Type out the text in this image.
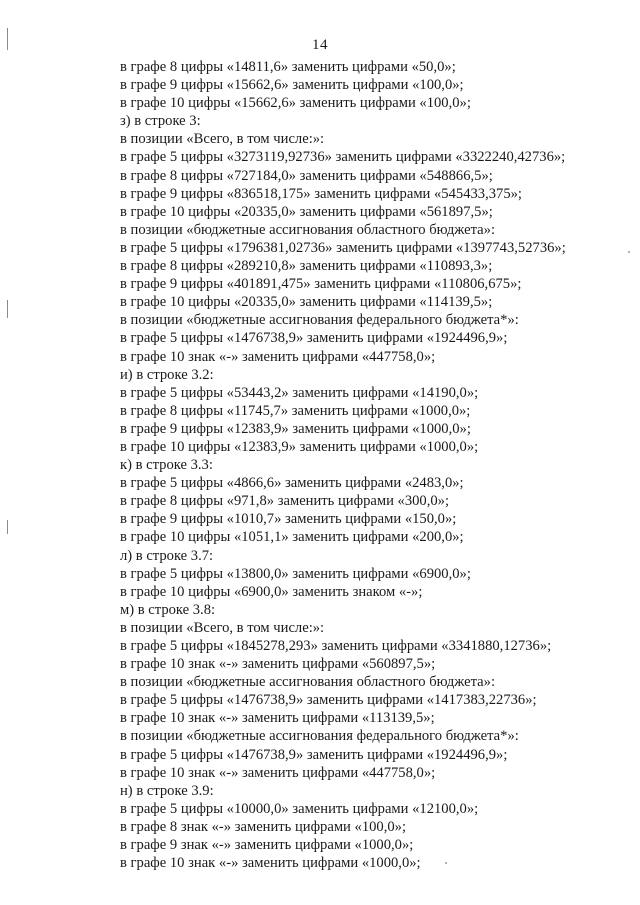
14
в графе 8 цифры «14811,6» заменить цифрами «50,0»;
в графе 9 цифры «15662,6» заменить цифрами «100,0»;
в графе 10 цифры «15662,6» заменить цифрами «100,0»;
з) в строке 3:
в позиции «Всего, в том числе:»:
в графе 5 цифры «3273119,92736» заменить цифрами «3322240,42736»;
в графе 8 цифры «727184,0» заменить цифрами «548866,5»;
в графе 9 цифры «836518,175» заменить цифрами «545433,375»;
в графе 10 цифры «20335,0» заменить цифрами «561897,5»;
в позиции «бюджетные ассигнования областного бюджета»:
в графе 5 цифры «1796381,02736» заменить цифрами «1397743,52736»;
в графе 8 цифры «289210,8» заменить цифрами «110893,3»;
в графе 9 цифры «401891,475» заменить цифрами «110806,675»;
в графе 10 цифры «20335,0» заменить цифрами «114139,5»;
в позиции «бюджетные ассигнования федерального бюджета*»:
в графе 5 цифры «1476738,9» заменить цифрами «1924496,9»;
в графе 10 знак «-» заменить цифрами «447758,0»;
и) в строке 3.2:
в графе 5 цифры «53443,2» заменить цифрами «14190,0»;
в графе 8 цифры «11745,7» заменить цифрами «1000,0»;
в графе 9 цифры «12383,9» заменить цифрами «1000,0»;
в графе 10 цифры «12383,9» заменить цифрами «1000,0»;
к) в строке 3.3:
в графе 5 цифры «4866,6» заменить цифрами «2483,0»;
в графе 8 цифры «971,8» заменить цифрами «300,0»;
в графе 9 цифры «1010,7» заменить цифрами «150,0»;
в графе 10 цифры «1051,1» заменить цифрами «200,0»;
л) в строке 3.7:
в графе 5 цифры «13800,0» заменить цифрами «6900,0»;
в графе 10 цифры «6900,0» заменить знаком «-»;
м) в строке 3.8:
в позиции «Всего, в том числе:»:
в графе 5 цифры «1845278,293» заменить цифрами «3341880,12736»;
в графе 10 знак «-» заменить цифрами «560897,5»;
в позиции «бюджетные ассигнования областного бюджета»:
в графе 5 цифры «1476738,9» заменить цифрами «1417383,22736»;
в графе 10 знак «-» заменить цифрами «113139,5»;
в позиции «бюджетные ассигнования федерального бюджета*»:
в графе 5 цифры «1476738,9» заменить цифрами «1924496,9»;
в графе 10 знак «-» заменить цифрами «447758,0»;
н) в строке 3.9:
в графе 5 цифры «10000,0» заменить цифрами «12100,0»;
в графе 8 знак «-» заменить цифрами «100,0»;
в графе 9 знак «-» заменить цифрами «1000,0»;
в графе 10 знак «-» заменить цифрами «1000,0»;
